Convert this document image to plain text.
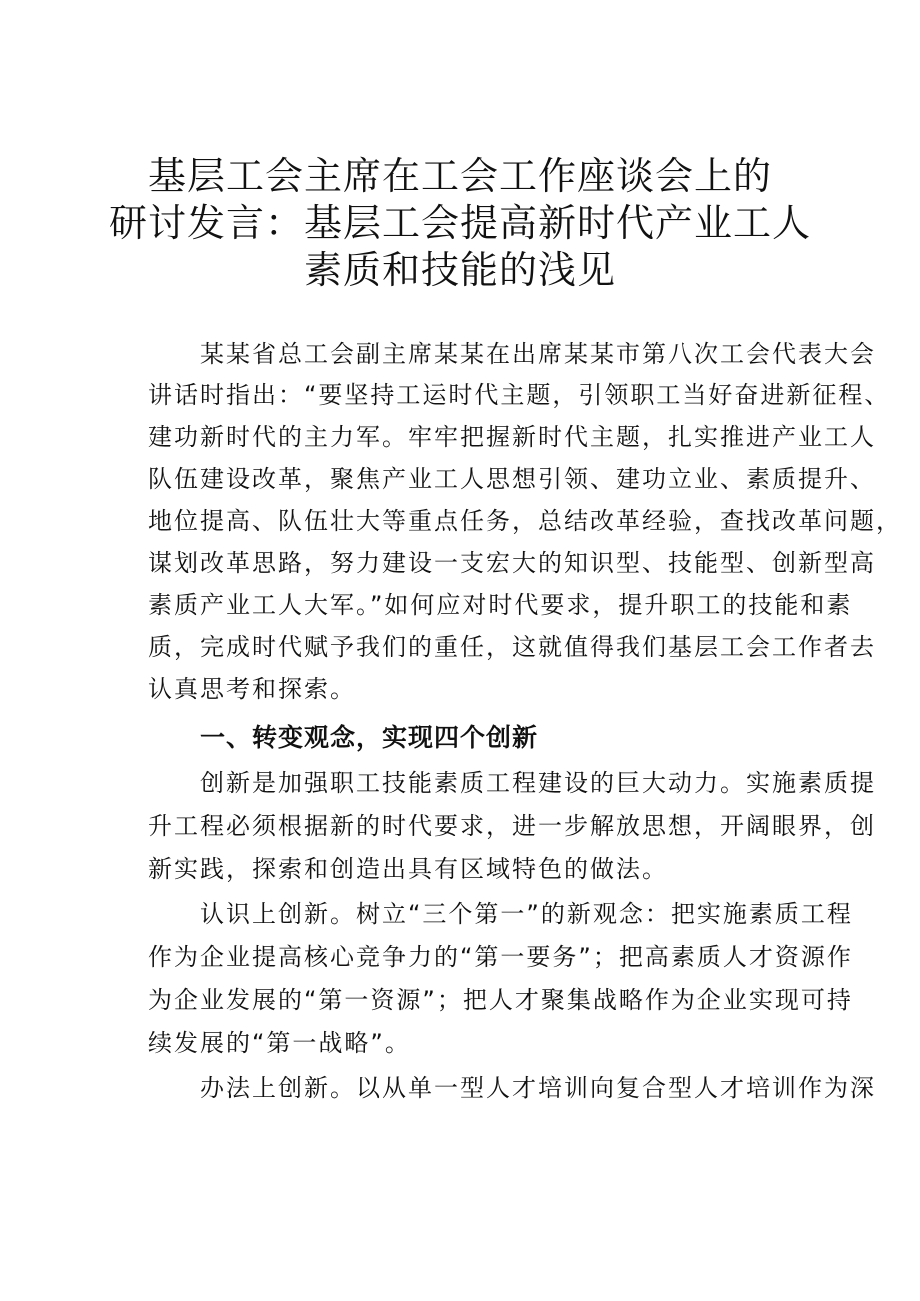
基层工会主席在工会工作座谈会上的
研讨发言：基层工会提高新时代产业工人
素质和技能的浅见
某某省总工会副主席某某在出席某某市第八次工会代表大会
讲话时指出：“要坚持工运时代主题，引领职工当好奋进新征程、
建功新时代的主力军。牢牢把握新时代主题，扎实推进产业工人
队伍建设改革，聚焦产业工人思想引领、建功立业、素质提升、
地位提高、队伍壮大等重点任务，总结改革经验，查找改革问题，
谋划改革思路，努力建设一支宏大的知识型、技能型、创新型高
素质产业工人大军。”如何应对时代要求，提升职工的技能和素
质，完成时代赋予我们的重任，这就值得我们基层工会工作者去
认真思考和探索。
一、转变观念，实现四个创新
创新是加强职工技能素质工程建设的巨大动力。实施素质提
升工程必须根据新的时代要求，进一步解放思想，开阔眼界，创
新实践，探索和创造出具有区域特色的做法。
认识上创新。树立“三个第一”的新观念：把实施素质工程
作为企业提高核心竞争力的“第一要务”；把高素质人才资源作
为企业发展的“第一资源”；把人才聚集战略作为企业实现可持
续发展的“第一战略”。
办法上创新。以从单一型人才培训向复合型人才培训作为深
